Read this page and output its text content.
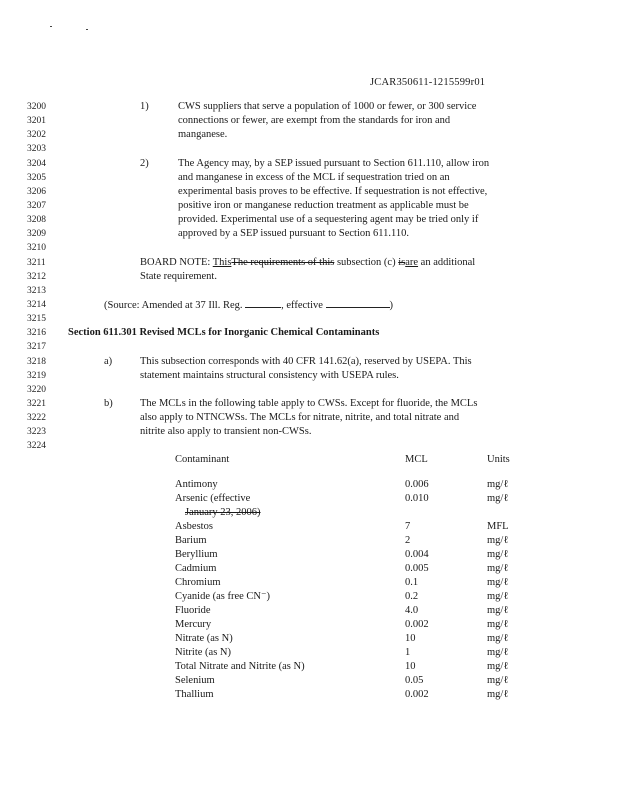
JCAR350611-1215599r01
3200
3201
3202
3203
3204
3205
3206
3207
3208
3209
3210
3211
3212
3213
3214
3215
3216
3217
3218
3219
3220
3221
3222
3223
3224
1)	CWS suppliers that serve a population of 1000 or fewer, or 300 service
connections or fewer, are exempt from the standards for iron and
manganese.
2)	The Agency may, by a SEP issued pursuant to Section 611.110, allow iron
and manganese in excess of the MCL if sequestration tried on an
experimental basis proves to be effective. If sequestration is not effective,
positive iron or manganese reduction treatment as applicable must be
provided. Experimental use of a sequestering agent may be tried only if
approved by a SEP issued pursuant to Section 611.110.
BOARD NOTE: ThisThe requirements of this subsection (c) isare an additional
State requirement.
(Source: Amended at 37 Ill. Reg.	, effective	)
Section 611.301 Revised MCLs for Inorganic Chemical Contaminants
a)	This subsection corresponds with 40 CFR 141.62(a), reserved by USEPA. This
statement maintains structural consistency with USEPA rules.
b)	The MCLs in the following table apply to CWSs. Except for fluoride, the MCLs
also apply to NTNCWSs. The MCLs for nitrate, nitrite, and total nitrate and
nitrite also apply to transient non-CWSs.
Contaminant	MCL	Units
Antimony	0.006	mg/ℓ
Arsenic (effective	0.010	mg/ℓ
January 23, 2006)
Asbestos	7	MFL
Barium	2	mg/ℓ
Beryllium	0.004	mg/ℓ
Cadmium	0.005	mg/ℓ
Chromium	0.1	mg/ℓ
Cyanide (as free CN⁻)	0.2	mg/ℓ
Fluoride	4.0	mg/ℓ
Mercury	0.002	mg/ℓ
Nitrate (as N)	10	mg/ℓ
Nitrite (as N)	1	mg/ℓ
Total Nitrate and Nitrite (as N)	10	mg/ℓ
Selenium	0.05	mg/ℓ
Thallium	0.002	mg/ℓ
